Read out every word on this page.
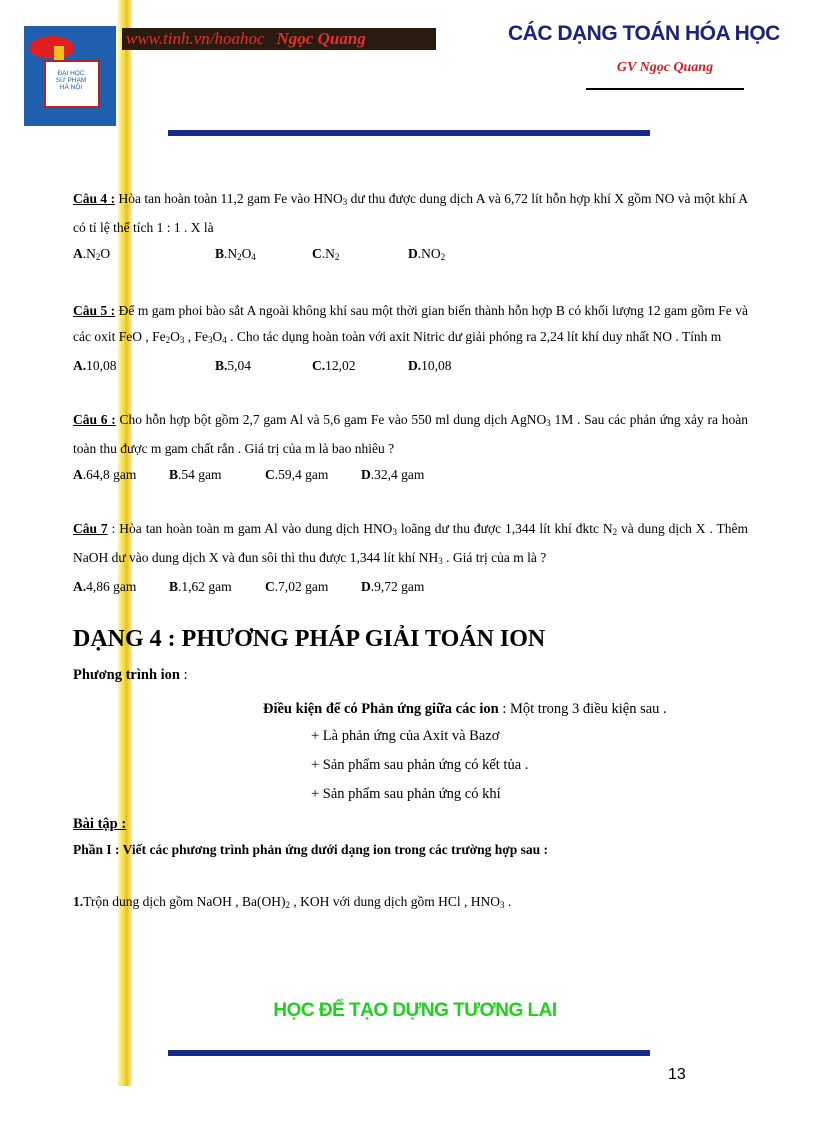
ĐẠI HỌC
SƯ PHẠM
HÀ NỘI
www.tinh.vn/hoahoc Ngọc Quang	CÁC DẠNG TOÁN HÓA HỌC
GV Ngọc Quang
Câu 4 : Hòa tan hoàn toàn 11,2 gam Fe vào $HNO_3$ dư thu được dung dịch A và 6,72 lít hỗn hợp khí X gồm NO và một khí A có tỉ lệ thể tích 1 : 1 . X là
$A.N_2O$	$B.N_2O_4$	$C.N_2$	$D.NO_2$
Câu 5 : Để m gam phoi bào sắt A ngoài không khí sau một thời gian biến thành hỗn hợp B có khối lượng 12 gam gồm Fe và các oxit FeO , $Fe_2O_3$ , $Fe_3O_4$ . Cho tác dụng hoàn toàn với axit Nitric dư giải phóng ra 2,24 lít khí duy nhất NO . Tính m
A.10,08	B.5,04	C.12,02	D.10,08
Câu 6 : Cho hỗn hợp bột gồm 2,7 gam Al và 5,6 gam Fe vào 550 ml dung dịch AgNO$_3$ 1M . Sau các phản ứng xảy ra hoàn toàn thu được m gam chất rắn . Giá trị của m là bao nhiêu ?
A.64,8 gam	B.54 gam	C.59,4 gam	D.32,4 gam
Câu 7 : Hòa tan hoàn toàn m gam Al vào dung dịch $HNO_3$ loãng dư thu được 1,344 lít khí đktc $N_2$ và dung dịch X . Thêm NaOH dư vào dung dịch X và đun sôi thì thu được 1,344 lít khí $NH_3$ . Giá trị của m là ?
A.4,86 gam	B.1,62 gam	C.7,02 gam	D.9,72 gam
DẠNG 4 : PHƯƠNG PHÁP GIẢI TOÁN ION
Phương trình ion :
Điều kiện để có Phản ứng giữa các ion : Một trong 3 điều kiện sau .
+ Là phản ứng của Axit và Bazơ
+ Sản phẩm sau phản ứng có kết tủa .
+ Sản phẩm sau phản ứng có khí
Bài tập :
Phần I : Viết các phương trình phản ứng dưới dạng ion trong các trường hợp sau :
1.Trộn dung dịch gồm NaOH , $Ba(OH)_2$ , KOH với dung dịch gồm HCl , $HNO_3$ .
HỌC ĐỂ TẠO DỰNG TƯƠNG LAI
13
